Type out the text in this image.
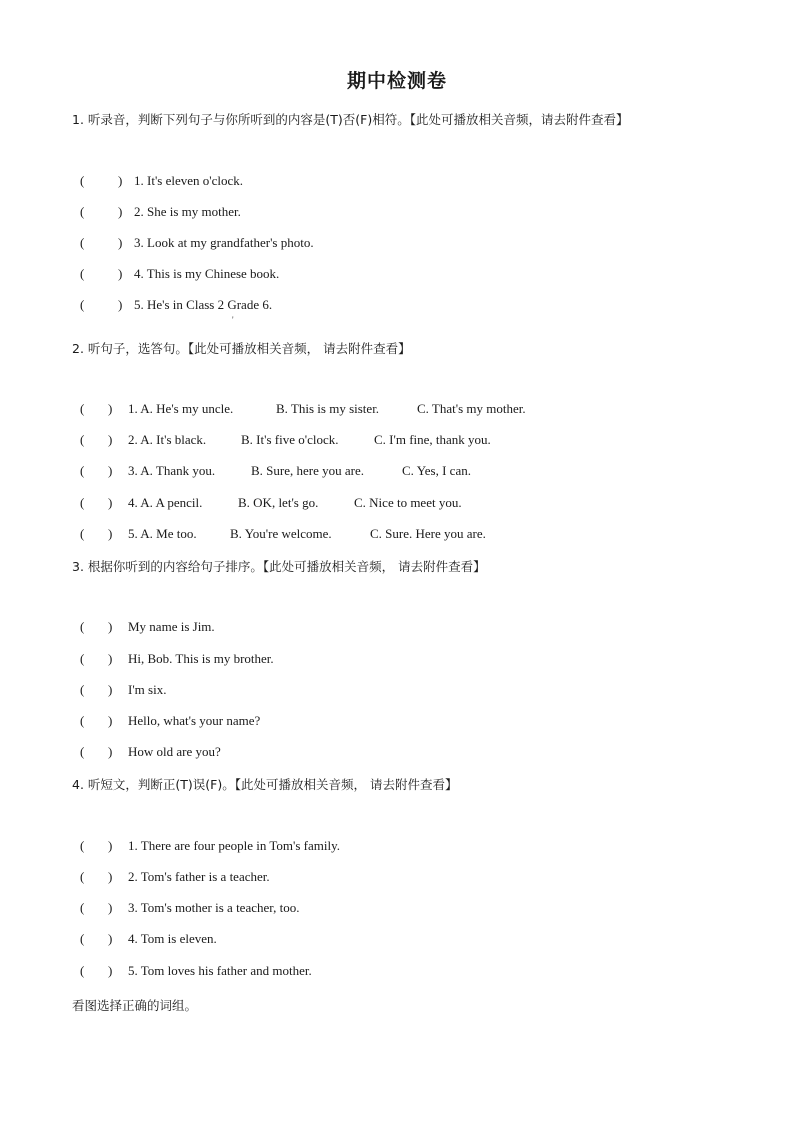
期中检测卷
1. 听录音，判断下列句子与你所听到的内容是(T)否(F)相符。【此处可播放相关音频，请去附件查看】
(	) 1. It's eleven o'clock.
(	) 2. She is my mother.
(	) 3. Look at my grandfather's photo.
(	) 4. This is my Chinese book.
(	) 5. He's in Class 2 Grade 6.
'
2. 听句子，选答句。【此处可播放相关音频， 请去附件查看】
( ) 1. A. He's my uncle.	B. This is my sister.	C. That's my mother.
( ) 2. A. It's black.	B. It's five o'clock.	C. I'm fine, thank you.
( ) 3. A. Thank you.	B. Sure, here you are.	C. Yes, I can.
( ) 4. A. A pencil.	B. OK, let's go.	C. Nice to meet you.
( ) 5. A. Me too.	B. You're welcome.	C. Sure. Here you are.
3. 根据你听到的内容给句子排序。【此处可播放相关音频， 请去附件查看】
( ) My name is Jim.
( ) Hi, Bob. This is my brother.
( ) I'm six.
( ) Hello, what's your name?
( ) How old are you?
4. 听短文，判断正(T)误(F)。【此处可播放相关音频， 请去附件查看】
( ) 1. There are four people in Tom's family.
( ) 2. Tom's father is a teacher.
( ) 3. Tom's mother is a teacher, too.
( ) 4. Tom is eleven.
( ) 5. Tom loves his father and mother.
看图选择正确的词组。
